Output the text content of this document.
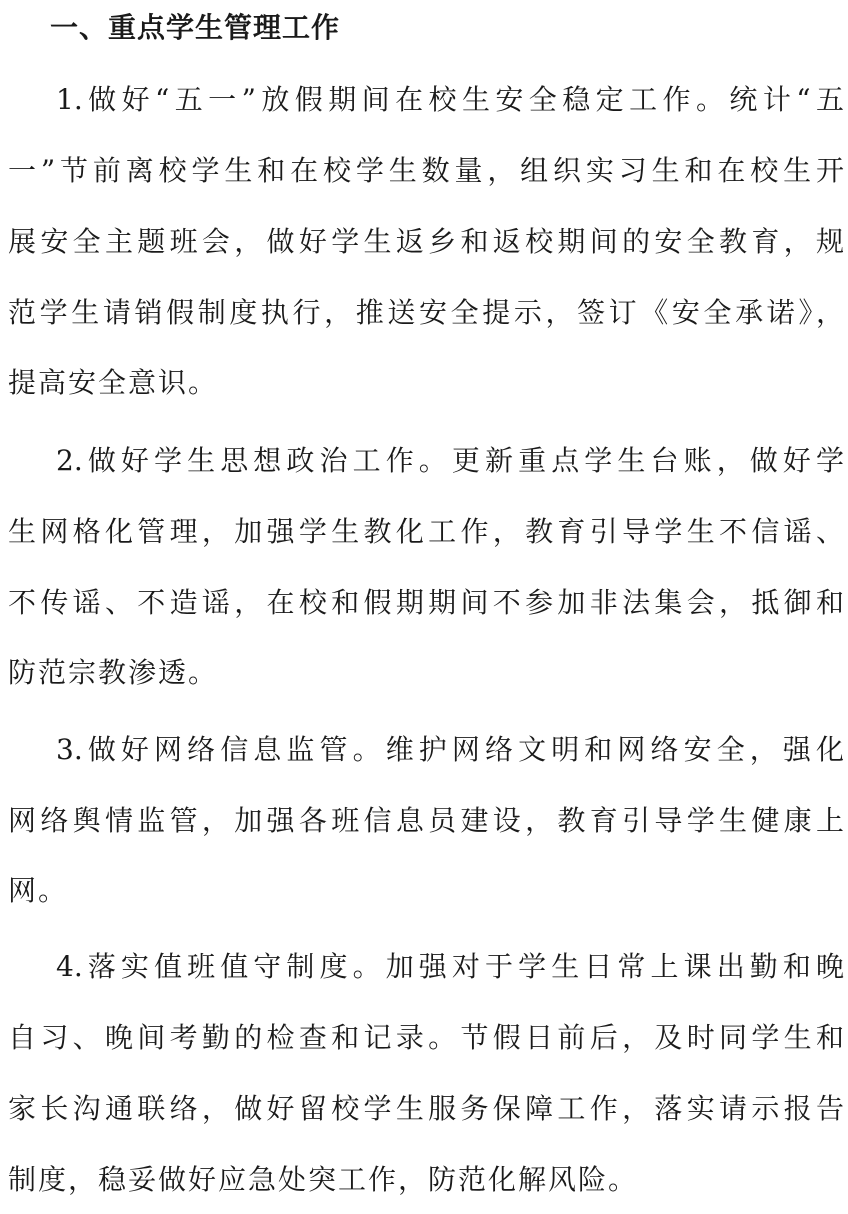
一、重点学生管理工作

1.做好“五一”放假期间在校生安全稳定工作。统计“五

一”节前离校学生和在校学生数量，组织实习生和在校生开

展安全主题班会，做好学生返乡和返校期间的安全教育，规

范学生请销假制度执行，推送安全提示，签订《安全承诺》，

提高安全意识。

2.做好学生思想政治工作。更新重点学生台账，做好学

生网格化管理，加强学生教化工作，教育引导学生不信谣、

不传谣、不造谣，在校和假期期间不参加非法集会，抵御和

防范宗教渗透。

3.做好网络信息监管。维护网络文明和网络安全，强化

网络舆情监管，加强各班信息员建设，教育引导学生健康上

网。

4.落实值班值守制度。加强对于学生日常上课出勤和晚

自习、晚间考勤的检查和记录。节假日前后，及时同学生和

家长沟通联络，做好留校学生服务保障工作，落实请示报告

制度，稳妥做好应急处突工作，防范化解风险。
